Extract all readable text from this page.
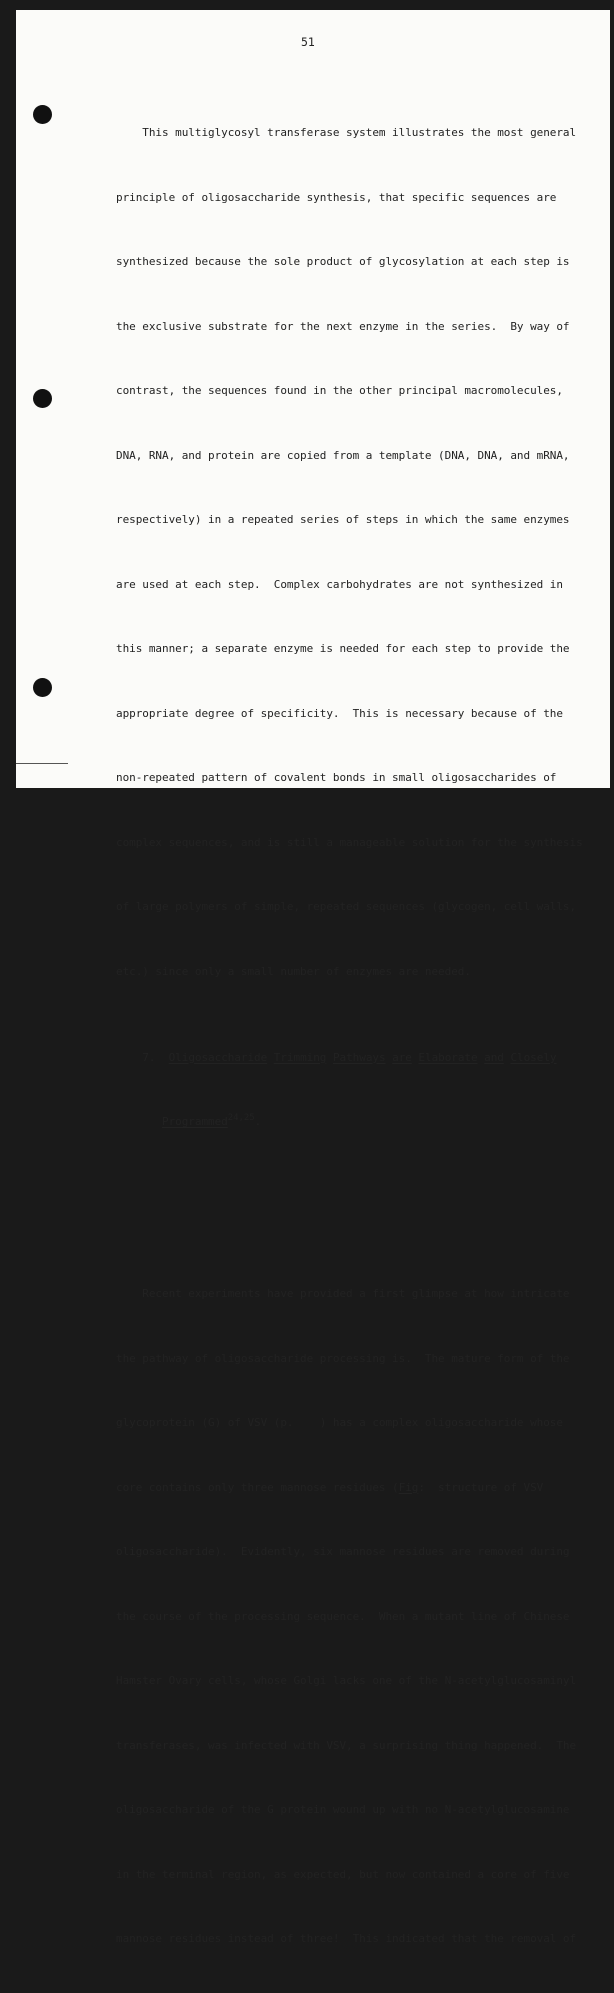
51

This multiglycosyl transferase system illustrates the most general

principle of oligosaccharide synthesis, that specific sequences are

synthesized because the sole product of glycosylation at each step is

the exclusive substrate for the next enzyme in the series.  By way of

contrast, the sequences found in the other principal macromolecules,

DNA, RNA, and protein are copied from a template (DNA, DNA, and mRNA,

respectively) in a repeated series of steps in which the same enzymes

are used at each step.  Complex carbohydrates are not synthesized in

this manner; a separate enzyme is needed for each step to provide the

appropriate degree of specificity.  This is necessary because of the

non-repeated pattern of covalent bonds in small oligosaccharides of

complex sequences, and is still a manageable solution for the synthesis

of large polymers of simple, repeated sequences (glycogen, cell walls,

etc.) since only a small number of enzymes are needed.

7. Oligosaccharide Trimming Pathways are Elaborate and Closely

Programmed$^{24,25}$.

Recent experiments have provided a first glimpse at how intricate

the pathway of oligosaccharide processing is.  The mature form of the

glycoprotein (G) of VSV (p.    ) has a complex oligosaccharide whose

core contains only three mannose residues (Fig:  structure of VSV

oligosaccharide).  Evidently, six mannose residues are removed during

the course of the processing sequence.  When a mutant line of Chinese

Hamster Ovary cells, whose Golgi lacks one of the N-acetylglucosaminyl

transferases, was infected with VSV, a surprising thing happened.  The

oligosaccharide of the G protein wound up with no N-acetylglucosamine

in the terminal region, as expected, but now contained a core of five

mannose residues instead of three!  This indicated that the removal of
